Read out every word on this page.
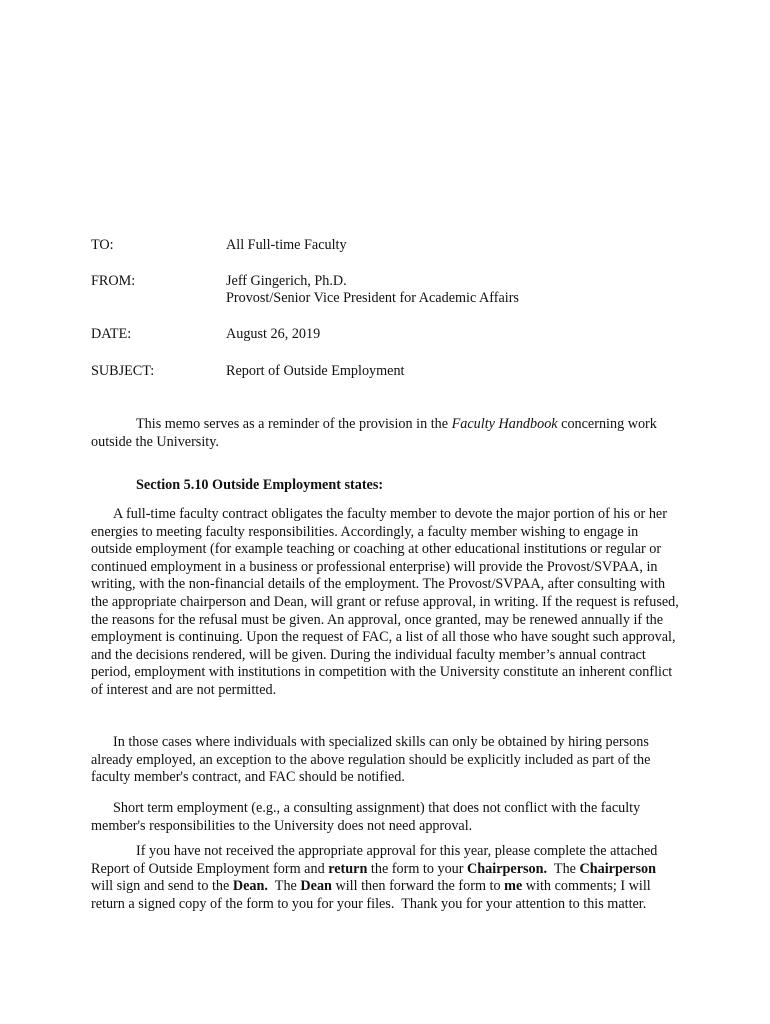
TO:	All Full-time Faculty
FROM:	Jeff Gingerich, Ph.D.
Provost/Senior Vice President for Academic Affairs
DATE:	August 26, 2019
SUBJECT:	Report of Outside Employment

This memo serves as a reminder of the provision in the Faculty Handbook concerning work outside the University.

Section 5.10 Outside Employment states:

A full-time faculty contract obligates the faculty member to devote the major portion of his or her energies to meeting faculty responsibilities. Accordingly, a faculty member wishing to engage in outside employment (for example teaching or coaching at other educational institutions or regular or continued employment in a business or professional enterprise) will provide the Provost/SVPAA, in writing, with the non-financial details of the employment. The Provost/SVPAA, after consulting with the appropriate chairperson and Dean, will grant or refuse approval, in writing. If the request is refused, the reasons for the refusal must be given. An approval, once granted, may be renewed annually if the employment is continuing. Upon the request of FAC, a list of all those who have sought such approval, and the decisions rendered, will be given. During the individual faculty member’s annual contract period, employment with institutions in competition with the University constitute an inherent conflict of interest and are not permitted.

In those cases where individuals with specialized skills can only be obtained by hiring persons already employed, an exception to the above regulation should be explicitly included as part of the faculty member's contract, and FAC should be notified.

Short term employment (e.g., a consulting assignment) that does not conflict with the faculty member's responsibilities to the University does not need approval.

If you have not received the appropriate approval for this year, please complete the attached Report of Outside Employment form and return the form to your Chairperson.  The Chairperson will sign and send to the Dean.  The Dean will then forward the form to me with comments; I will return a signed copy of the form to you for your files.  Thank you for your attention to this matter.
